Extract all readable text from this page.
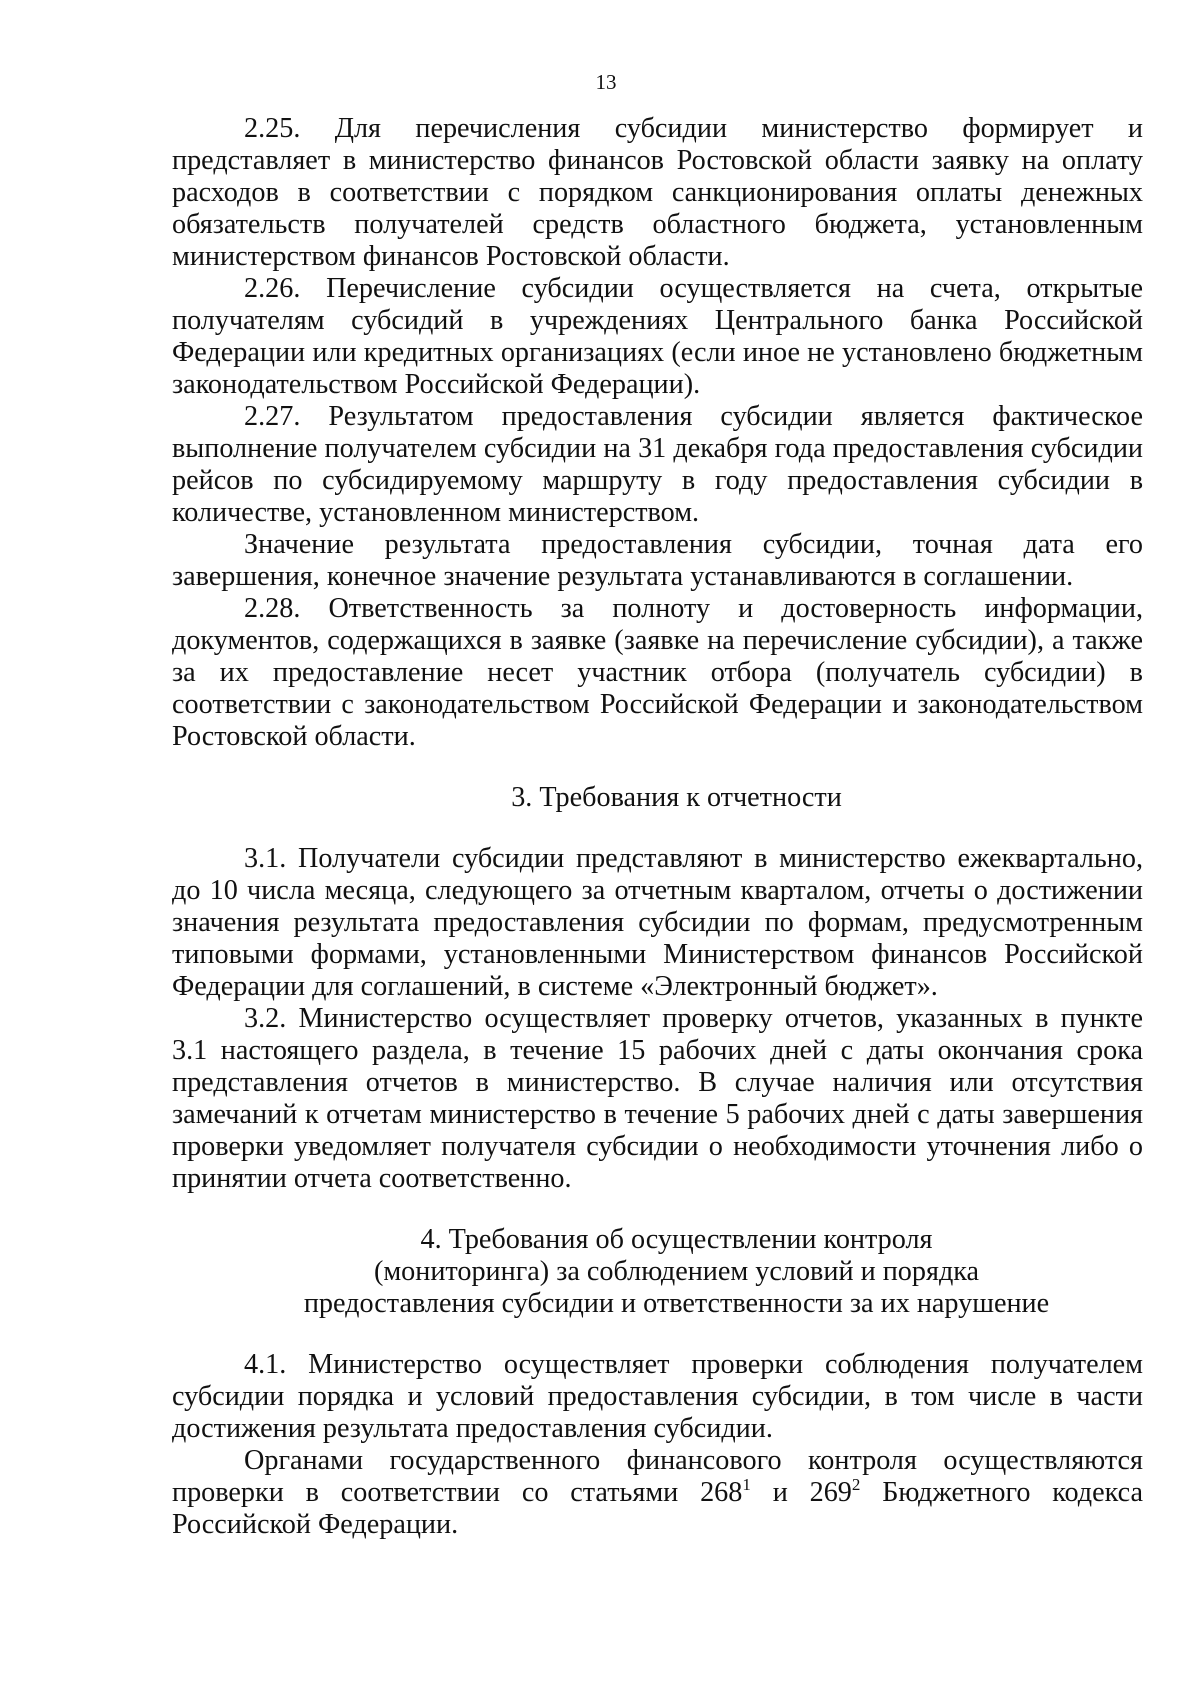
13

2.25. Для перечисления субсидии министерство формирует и представляет в министерство финансов Ростовской области заявку на оплату расходов в соответствии с порядком санкционирования оплаты денежных обязательств получателей средств областного бюджета, установленным министерством финансов Ростовской области.

2.26. Перечисление субсидии осуществляется на счета, открытые получателям субсидий в учреждениях Центрального банка Российской Федерации или кредитных организациях (если иное не установлено бюджетным законодательством Российской Федерации).

2.27. Результатом предоставления субсидии является фактическое выполнение получателем субсидии на 31 декабря года предоставления субсидии рейсов по субсидируемому маршруту в году предоставления субсидии в количестве, установленном министерством.

Значение результата предоставления субсидии, точная дата его завершения, конечное значение результата устанавливаются в соглашении.

2.28. Ответственность за полноту и достоверность информации, документов, содержащихся в заявке (заявке на перечисление субсидии), а также за их предоставление несет участник отбора (получатель субсидии) в соответствии с законодательством Российской Федерации и законодательством Ростовской области.

3. Требования к отчетности

3.1. Получатели субсидии представляют в министерство ежеквартально, до 10 числа месяца, следующего за отчетным кварталом, отчеты о достижении значения результата предоставления субсидии по формам, предусмотренным типовыми формами, установленными Министерством финансов Российской Федерации для соглашений, в системе «Электронный бюджет».

3.2. Министерство осуществляет проверку отчетов, указанных в пункте 3.1 настоящего раздела, в течение 15 рабочих дней с даты окончания срока представления отчетов в министерство. В случае наличия или отсутствия замечаний к отчетам министерство в течение 5 рабочих дней с даты завершения проверки уведомляет получателя субсидии о необходимости уточнения либо о принятии отчета соответственно.

4. Требования об осуществлении контроля
(мониторинга) за соблюдением условий и порядка
предоставления субсидии и ответственности за их нарушение

4.1. Министерство осуществляет проверки соблюдения получателем субсидии порядка и условий предоставления субсидии, в том числе в части достижения результата предоставления субсидии.

Органами государственного финансового контроля осуществляются проверки в соответствии со статьями $268^1$ и $269^2$ Бюджетного кодекса Российской Федерации.
